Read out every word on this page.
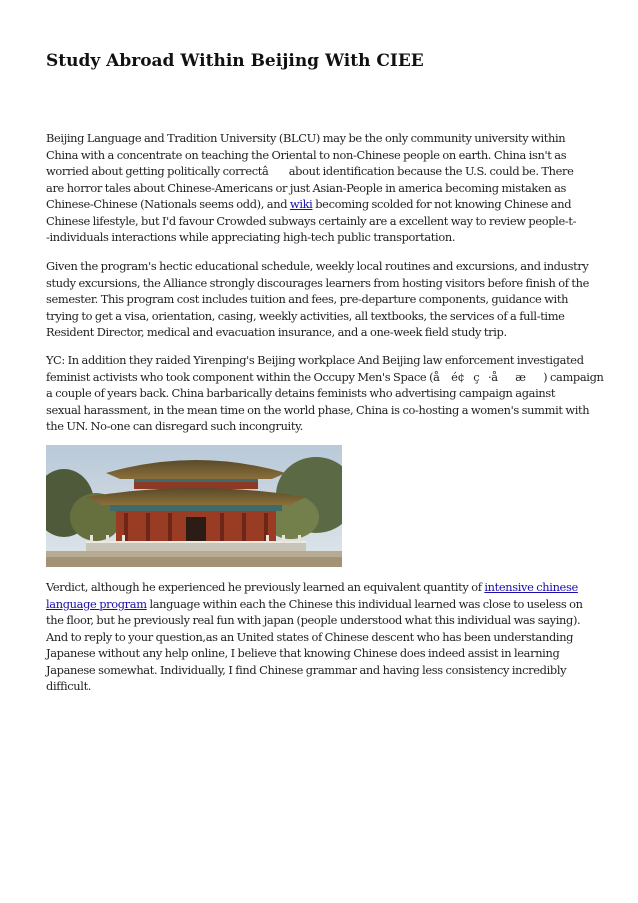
Study Abroad Within Beijing With CIEE

Beijing Language and Tradition University (BLCU) may be the only community university within
China with a concentrate on teaching the Oriental to non-Chinese people on earth. China isn't as
worried about getting politically correctâ about identification because the U.S. could be. There
are horror tales about Chinese-Americans or just Asian-People in america becoming mistaken as
Chinese-Chinese (Nationals seems odd), and wiki becoming scolded for not knowing Chinese and
Chinese lifestyle, but I'd favour Crowded subways certainly are a excellent way to review people-t-
-individuals interactions while appreciating high-tech public transportation.

Given the program's hectic educational schedule, weekly local routines and excursions, and industry
study excursions, the Alliance strongly discourages learners from hosting visitors before finish of the
semester. This program cost includes tuition and fees, pre-departure components, guidance with
trying to get a visa, orientation, casing, weekly activities, all textbooks, the services of a full-time
Resident Director, medical and evacuation insurance, and a one-week field study trip.

YC: In addition they raided Yirenping's Beijing workplace And Beijing law enforcement investigated
feminist activists who took component within the Occupy Men's Space (å é¢ç·åæ) campaign
a couple of years back. China barbarically detains feminists who advertising campaign against
sexual harassment, in the mean time on the world phase, China is co-hosting a women's summit with
the UN. No-one can disregard such incongruity.

Verdict, although he experienced he previously learned an equivalent quantity of intensive chinese
language program language within each the Chinese this individual learned was close to useless on
the floor, but he previously real fun with japan (people understood what this individual was saying).
And to reply to your question,as an United states of Chinese descent who has been understanding
Japanese without any help online, I believe that knowing Chinese does indeed assist in learning
Japanese somewhat. Individually, I find Chinese grammar and having less consistency incredibly
difficult.
